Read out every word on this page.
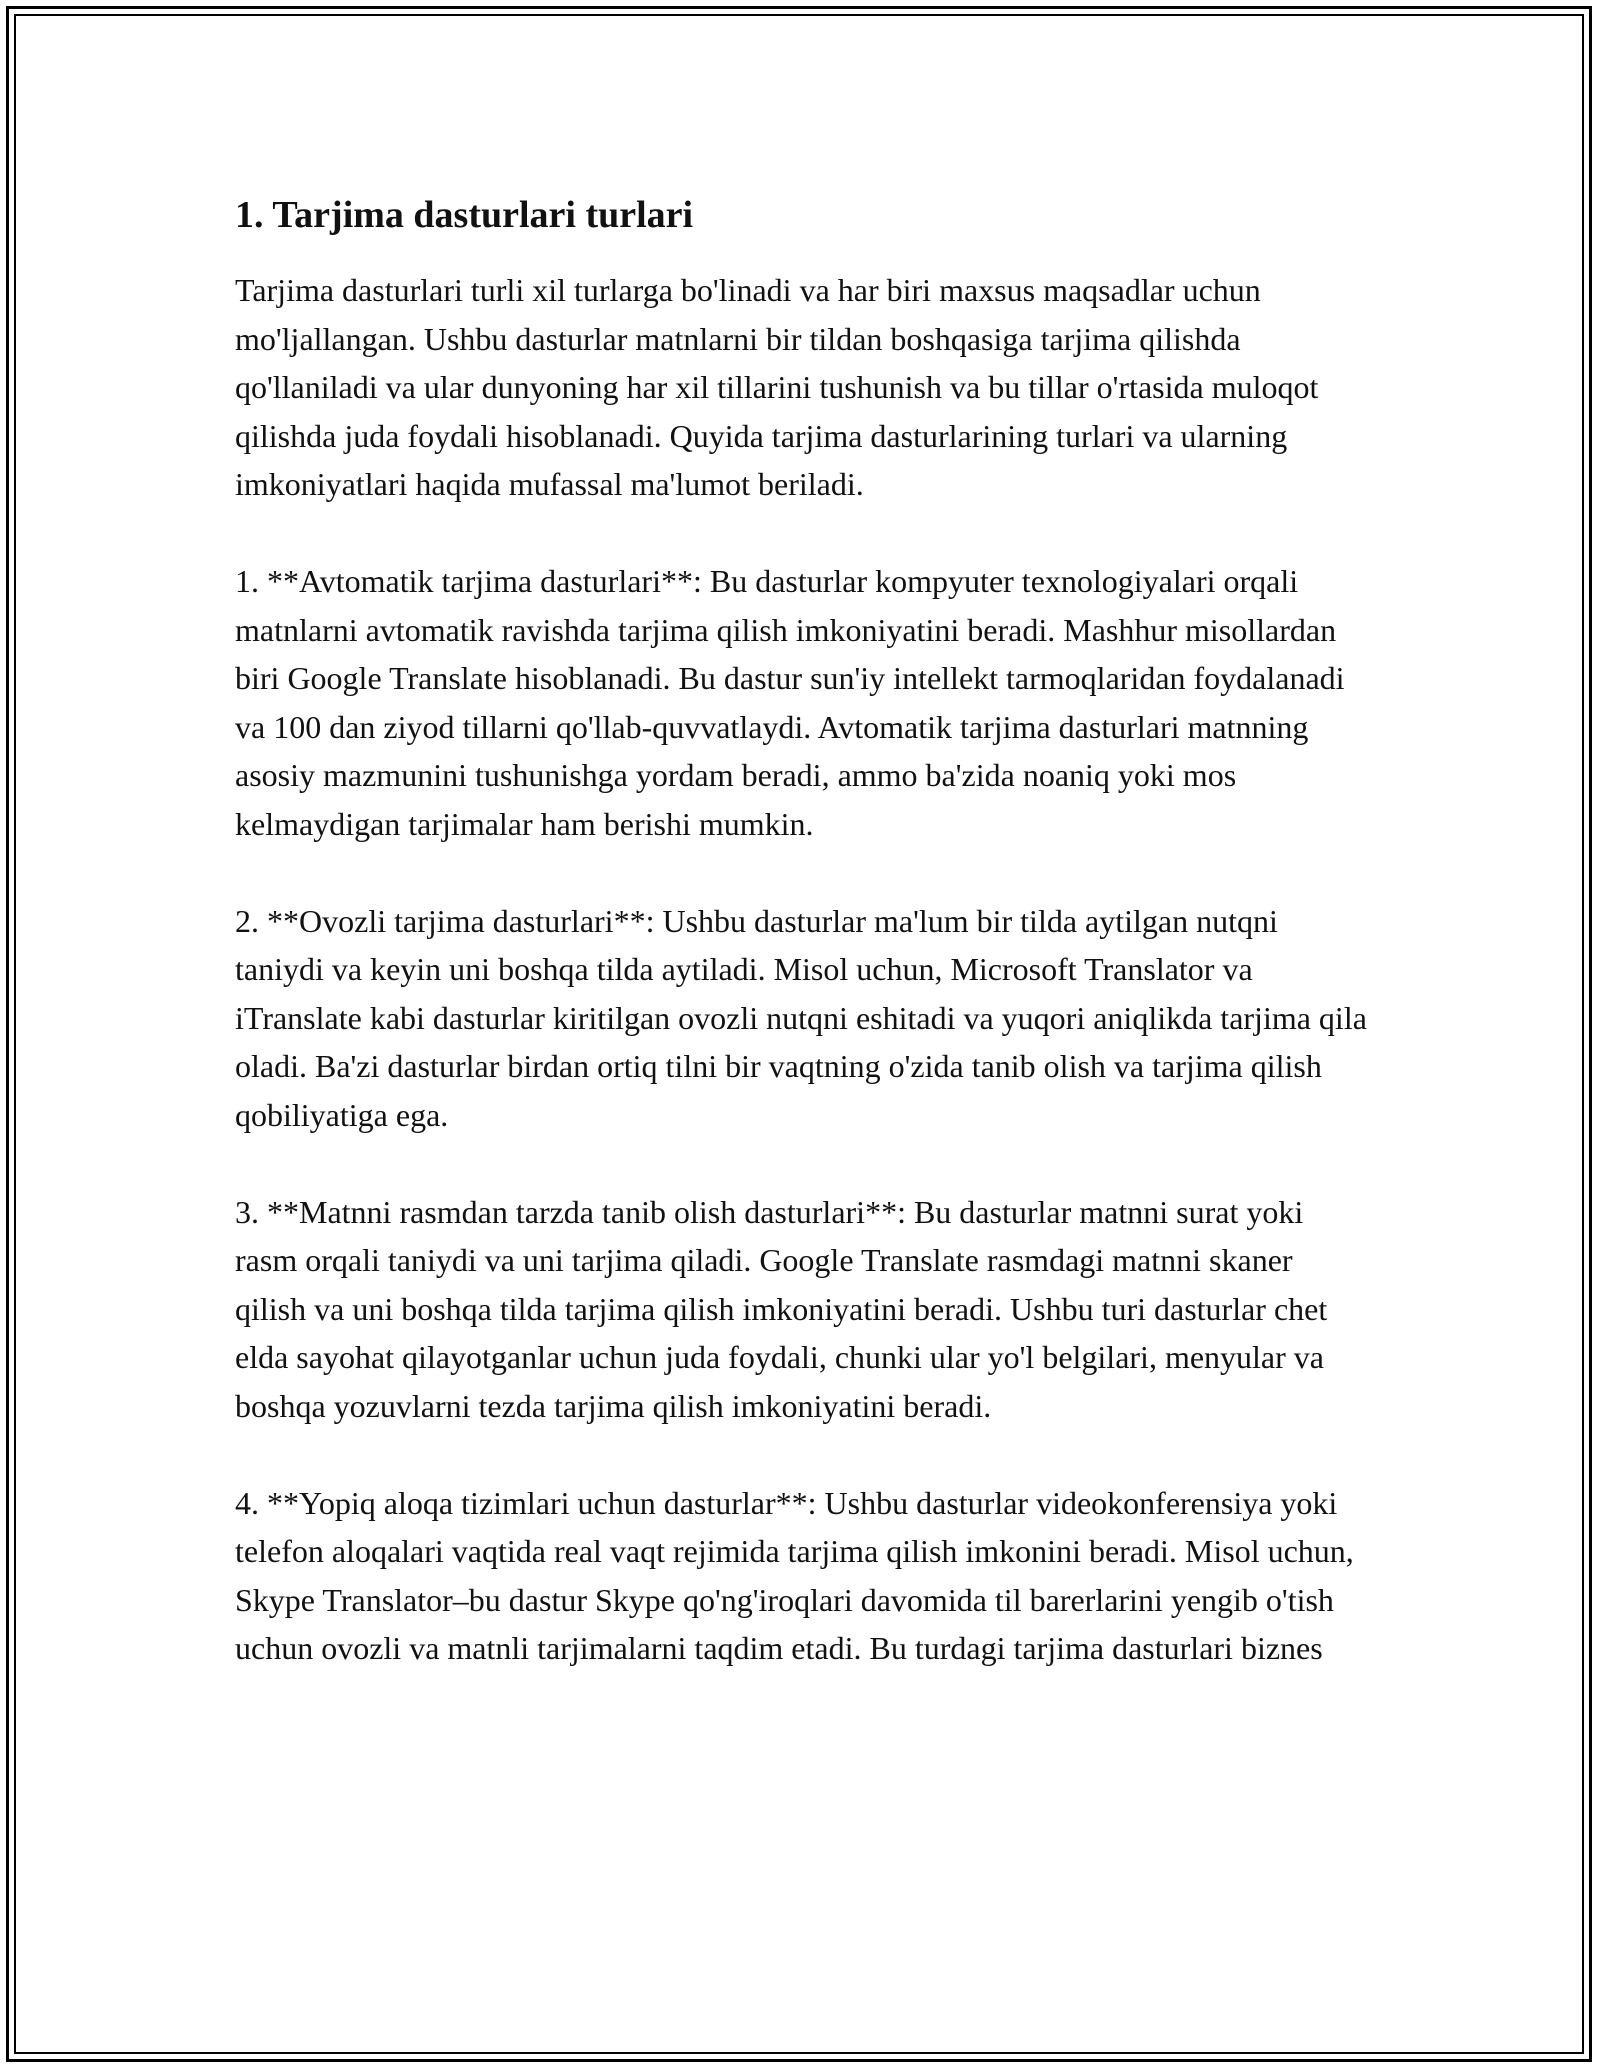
1. Tarjima dasturlari turlari

Tarjima dasturlari turli xil turlarga bo'linadi va har biri maxsus maqsadlar uchun mo'ljallangan. Ushbu dasturlar matnlarni bir tildan boshqasiga tarjima qilishda qo'llaniladi va ular dunyoning har xil tillarini tushunish va bu tillar o'rtasida muloqot qilishda juda foydali hisoblanadi. Quyida tarjima dasturlarining turlari va ularning imkoniyatlari haqida mufassal ma'lumot beriladi.

1. **Avtomatik tarjima dasturlari**: Bu dasturlar kompyuter texnologiyalari orqali matnlarni avtomatik ravishda tarjima qilish imkoniyatini beradi. Mashhur misollardan biri Google Translate hisoblanadi. Bu dastur sun'iy intellekt tarmoqlaridan foydalanadi va 100 dan ziyod tillarni qo'llab-quvvatlaydi. Avtomatik tarjima dasturlari matnning asosiy mazmunini tushunishga yordam beradi, ammo ba'zida noaniq yoki mos kelmaydigan tarjimalar ham berishi mumkin.

2. **Ovozli tarjima dasturlari**: Ushbu dasturlar ma'lum bir tilda aytilgan nutqni taniydi va keyin uni boshqa tilda aytiladi. Misol uchun, Microsoft Translator va iTranslate kabi dasturlar kiritilgan ovozli nutqni eshitadi va yuqori aniqlikda tarjima qila oladi. Ba'zi dasturlar birdan ortiq tilni bir vaqtning o'zida tanib olish va tarjima qilish qobiliyatiga ega.

3. **Matnni rasmdan tarzda tanib olish dasturlari**: Bu dasturlar matnni surat yoki rasm orqali taniydi va uni tarjima qiladi. Google Translate rasmdagi matnni skaner qilish va uni boshqa tilda tarjima qilish imkoniyatini beradi. Ushbu turi dasturlar chet elda sayohat qilayotganlar uchun juda foydali, chunki ular yo'l belgilari, menyular va boshqa yozuvlarni tezda tarjima qilish imkoniyatini beradi.

4. **Yopiq aloqa tizimlari uchun dasturlar**: Ushbu dasturlar videokonferensiya yoki telefon aloqalari vaqtida real vaqt rejimida tarjima qilish imkonini beradi. Misol uchun, Skype Translator–bu dastur Skype qo'ng'iroqlari davomida til barerlarini yengib o'tish uchun ovozli va matnli tarjimalarni taqdim etadi. Bu turdagi tarjima dasturlari biznes
